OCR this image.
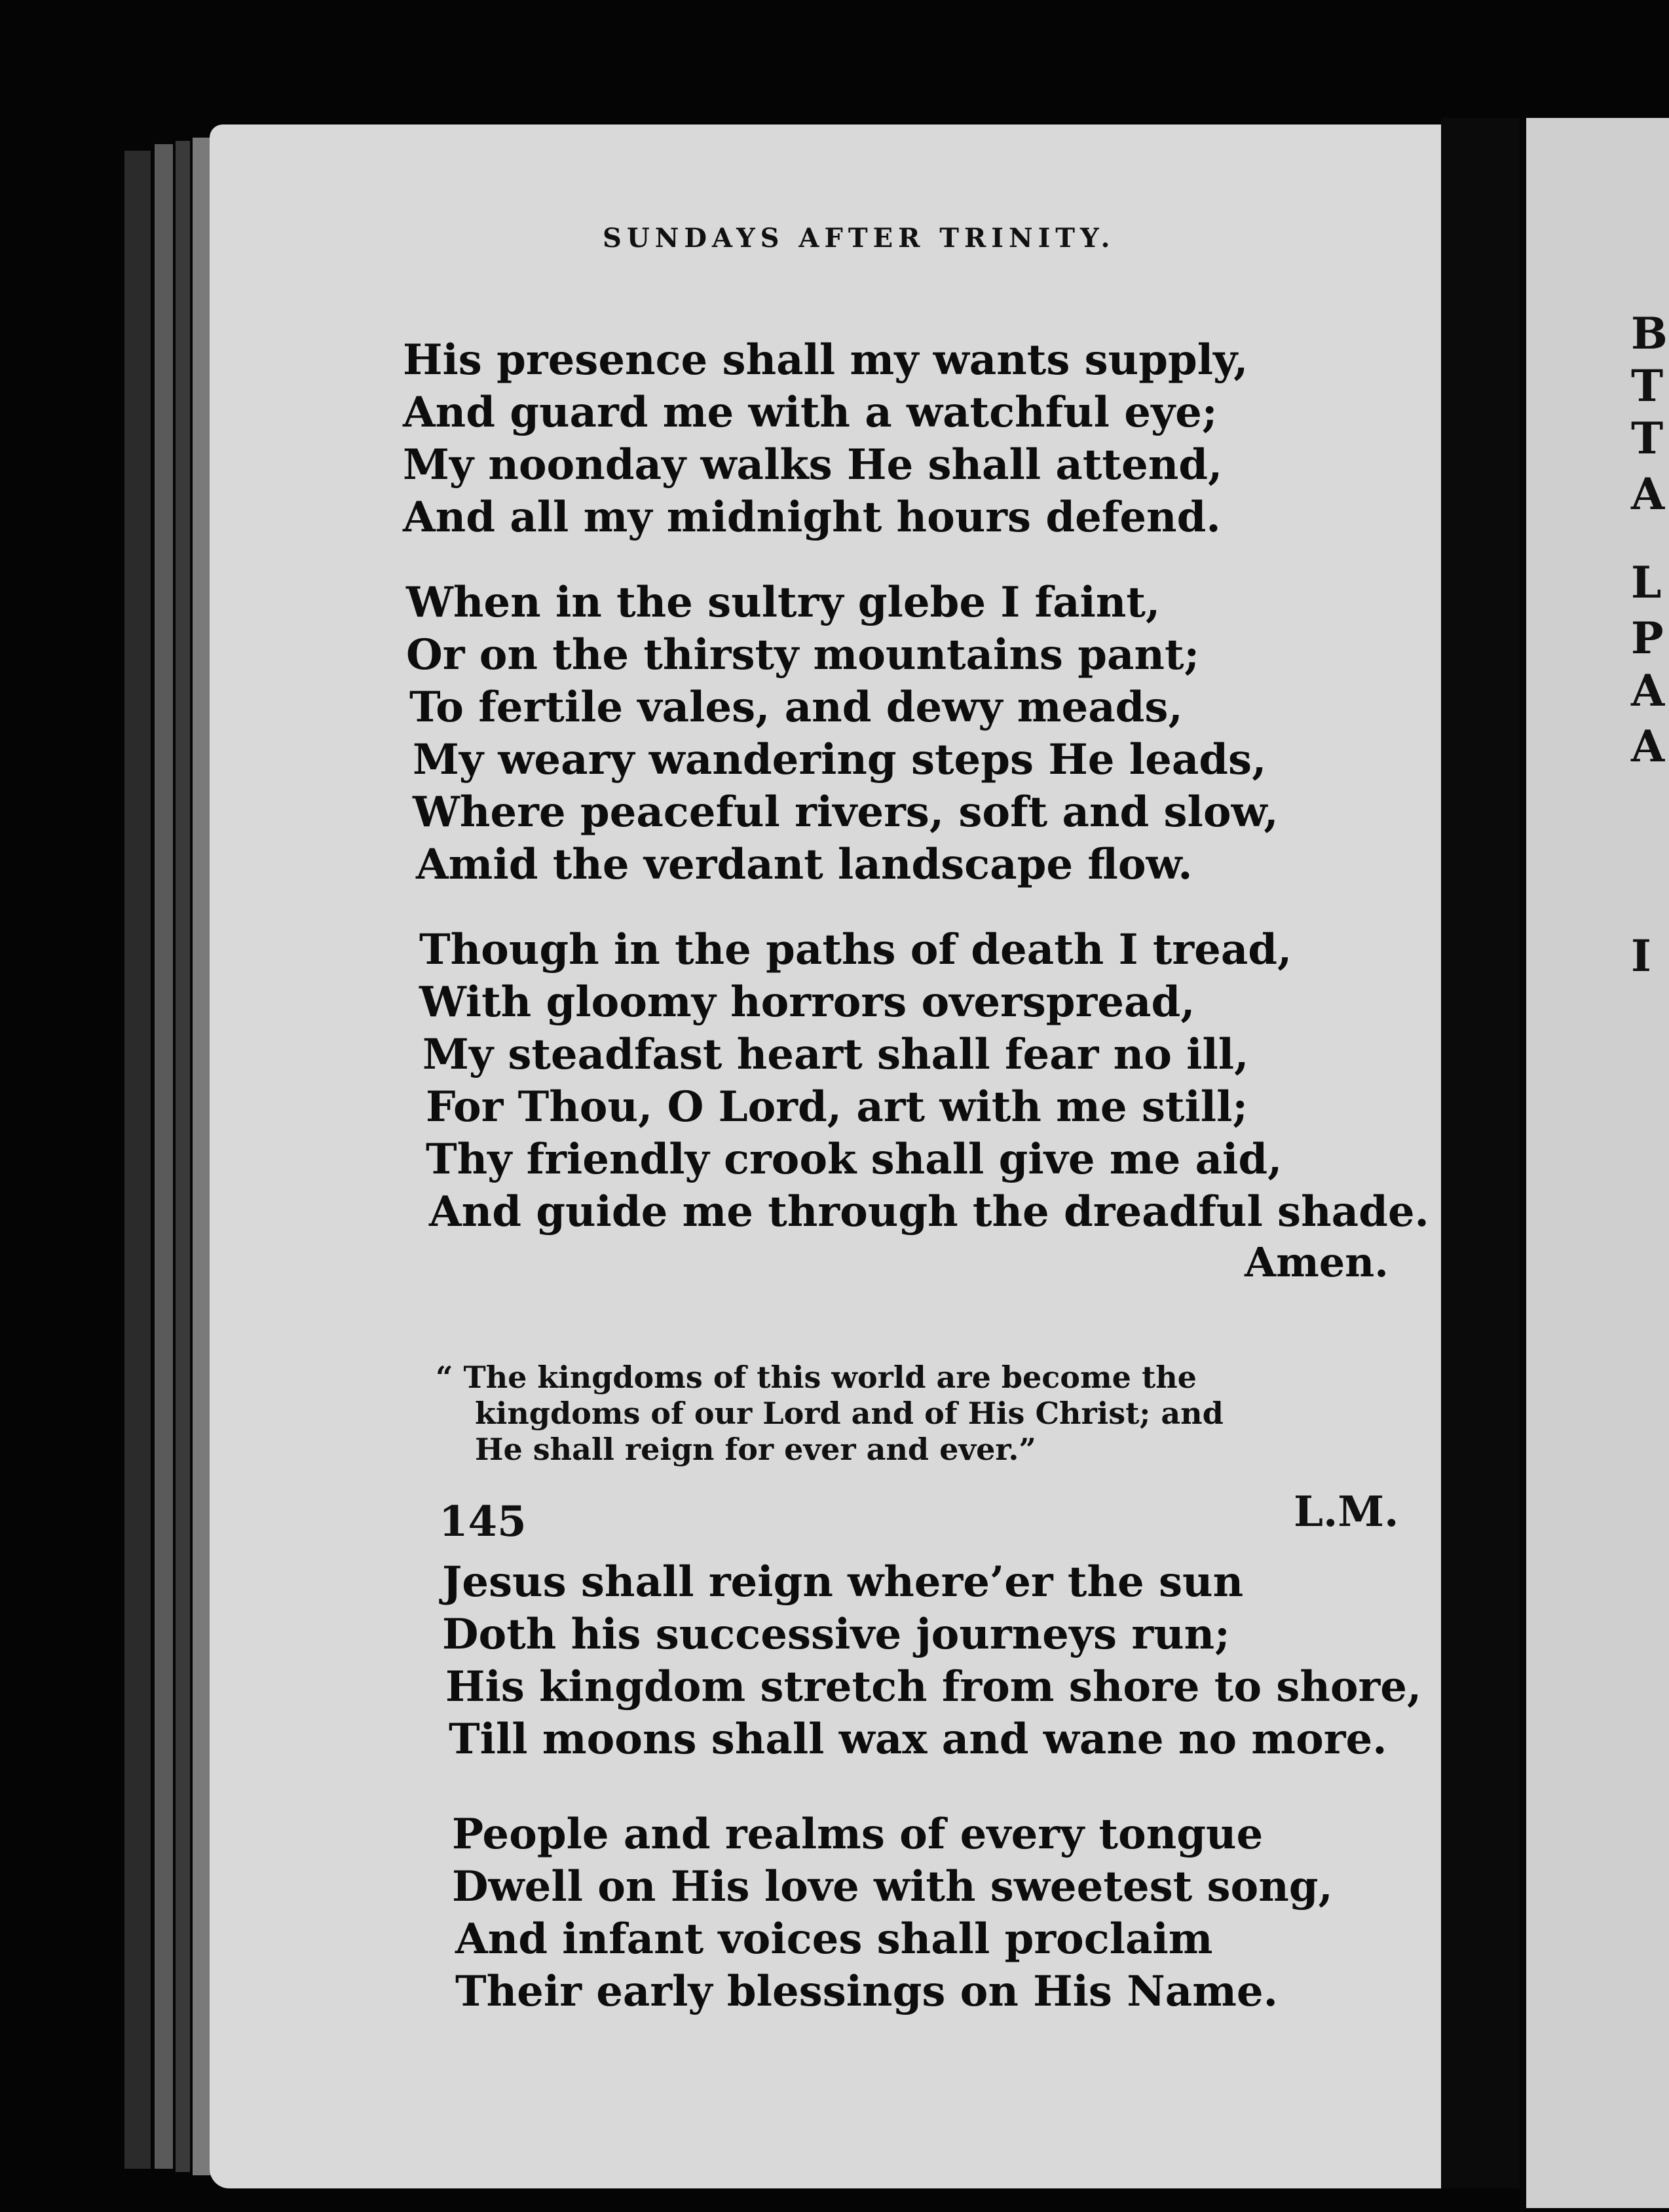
B
T
T
A
L
P
A
A
I
SUNDAYS AFTER TRINITY.
His presence shall my wants supply,
And guard me with a watchful eye;
My noonday walks He shall attend,
And all my midnight hours defend.
When in the sultry glebe I faint,
Or on the thirsty mountains pant;
To fertile vales, and dewy meads,
My weary wandering steps He leads,
Where peaceful rivers, soft and slow,
Amid the verdant landscape flow.
Though in the paths of death I tread,
With gloomy horrors overspread,
My steadfast heart shall fear no ill,
For Thou, O Lord, art with me still;
Thy friendly crook shall give me aid,
And guide me through the dreadful shade.
Amen.
“ The kingdoms of this world are become the
kingdoms of our Lord and of His Christ; and
He shall reign for ever and ever.”
145	L.M.
Jesus shall reign where’er the sun
Doth his successive journeys run;
His kingdom stretch from shore to shore,
Till moons shall wax and wane no more.
People and realms of every tongue
Dwell on His love with sweetest song,
And infant voices shall proclaim
Their early blessings on His Name.
